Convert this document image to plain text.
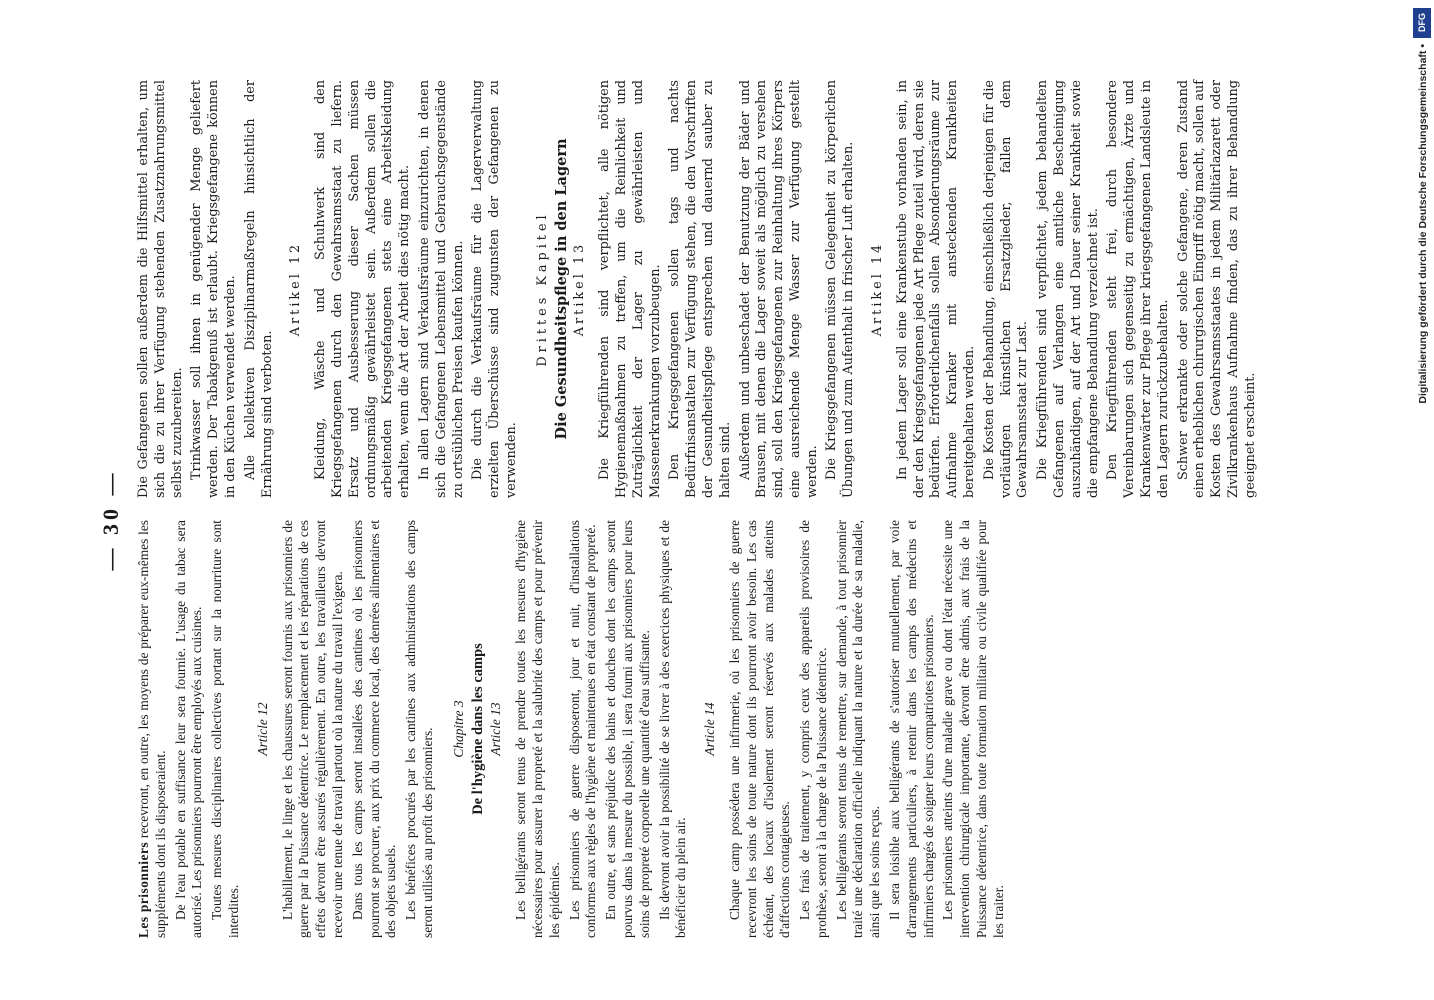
— 30 —

Les prisonniers recevront, en outre, les moyens de préparer eux-mêmes les suppléments dont ils disposeraient. De l'eau potable en suffisance leur sera fournie. L'usage du tabac sera autorisé. Les prisonniers pourront être employés aux cuisines. Toutes mesures disciplinaires collectives portant sur la nourriture sont interdites.

Article 12 L'habillement, le linge et les chaussures seront fournis aux prisonniers de guerre par la Puissance détentrice. Le remplacement et les réparations de ces effets devront être assurés régulièrement. En outre, les travailleurs devront recevoir une tenue de travail partout où la nature du travail l'exigera. Dans tous les camps seront installées des cantines où les prisonniers pourront se procurer, aux prix du commerce local, des denrées alimentaires et des objets usuels. Les bénéfices procurés par les cantines aux administrations des camps seront utilisés au profit des prisonniers. Chapitre 3 De l'hygiène dans les camps Article 13 Les belligérants seront tenus de prendre toutes les mesures d'hygiène nécessaires pour assurer la propreté et la salubrité des camps et pour prévenir les épidémies. Les prisonniers de guerre disposeront, jour et nuit, d'installations conformes aux règles de l'hygiène et maintenues en état constant de propreté. En outre, et sans préjudice des bains et douches dont les camps seront pourvus dans la mesure du possible, il sera fourni aux prisonniers pour leurs soins de propreté corporelle une quantité d'eau suffisante. Ils devront avoir la possibilité de se livrer à des exercices physiques et de bénéficier du plein air.

Article 14 Chaque camp possédera une infirmerie, où les prisonniers de guerre recevront les soins de toute nature dont ils pourront avoir besoin. Les cas échéant, des locaux d'isolement seront réservés aux malades atteints d'affections contagieuses. Les frais de traitement, y compris ceux des appareils provisoires de prothèse, seront à la charge de la Puissance détentrice. Les belligérants seront tenus de remettre, sur demande, à tout prisonnier traité une déclaration officielle indiquant la nature et la durée de sa maladie, ainsi que les soins reçus. Il sera loisible aux belligérants de s'autoriser mutuellement, par voie d'arrangements particuliers, à retenir dans les camps des médecins et infirmiers chargés de soigner leurs compatriotes prisonniers. Les prisonniers atteints d'une maladie grave ou dont l'état nécessite une intervention chirurgicale importante, devront être admis, aux frais de la Puissance détentrice, dans toute formation militaire ou civile qualifiée pour les traiter.

Die Gefangenen sollen außerdem die Hilfsmittel erhalten, um sich die zu ihrer Verfügung stehenden Zusatznahrungsmittel selbst zuzubereiten. Trinkwasser soll ihnen in genügender Menge geliefert werden. Der Tabakgenuß ist erlaubt. Kriegsgefangene können in den Küchen verwendet werden. Alle kollektiven Disziplinarmaßregeln hinsichtlich der Ernährung sind verboten.

Artikel 12 Kleidung, Wäsche und Schuhwerk sind den Kriegsgefangenen durch den Gewahrsamsstaat zu liefern. Ersatz und Ausbesserung dieser Sachen müssen ordnungsmäßig gewährleistet sein. Außerdem sollen die arbeitenden Kriegsgefangenen stets eine Arbeitskleidung erhalten, wenn die Art der Arbeit dies nötig macht. In allen Lagern sind Verkaufsräume einzurichten, in denen sich die Gefangenen Lebensmittel und Gebrauchsgegenstände zu ortsüblichen Preisen kaufen können. Die durch die Verkaufsräume für die Lagerverwaltung erzielten Überschüsse sind zugunsten der Gefangenen zu verwenden.

Drittes Kapitel Die Gesundheitspflege in den Lagern Artikel 13 Die Kriegführenden sind verpflichtet, alle nötigen Hygienemaßnahmen zu treffen, um die Reinlichkeit und Zuträglichkeit der Lager zu gewährleisten und Massenerkrankungen vorzubeugen. Den Kriegsgefangenen sollen tags und nachts Bedürfnisanstalten zur Verfügung stehen, die den Vorschriften der Gesundheitspflege entsprechen und dauernd sauber zu halten sind. Außerdem und unbeschadet der Benutzung der Bäder und Brausen, mit denen die Lager soweit als möglich zu versehen sind, soll den Kriegsgefangenen zur Reinhaltung ihres Körpers eine ausreichende Menge Wasser zur Verfügung gestellt werden. Die Kriegsgefangenen müssen Gelegenheit zu körperlichen Übungen und zum Aufenthalt in frischer Luft erhalten. Artikel 14 In jedem Lager soll eine Krankenstube vorhanden sein, in der den Kriegsgefangenen jede Art Pflege zuteil wird, deren sie bedürfen. Erforderlichenfalls sollen Absonderungsräume zur Aufnahme Kranker mit ansteckenden Krankheiten bereitgehalten werden. Die Kosten der Behandlung, einschließlich derjenigen für die vorläufigen künstlichen Ersatzglieder, fallen dem Gewahrsamsstaat zur Last. Die Kriegführenden sind verpflichtet, jedem behandelten Gefangenen auf Verlangen eine amtliche Bescheinigung auszuhändigen, auf der Art und Dauer seiner Krankheit sowie die empfangene Behandlung verzeichnet ist. Den Kriegführenden steht frei, durch besondere Vereinbarungen sich gegenseitig zu ermächtigen, Ärzte und Krankenwärter zur Pflege ihrer kriegsgefangenen Landsleute in den Lagern zurückzubehalten. Schwer erkrankte oder solche Gefangene, deren Zustand einen erheblichen chirurgischen Eingriff nötig macht, sollen auf Kosten des Gewahrsamsstaates in jedem Militärlazarett oder Zivilkrankenhaus Aufnahme finden, das zu ihrer Behandlung geeignet erscheint.

DFG
Digitalisierung gefördert durch die Deutsche Forschungsgemeinschaft •
